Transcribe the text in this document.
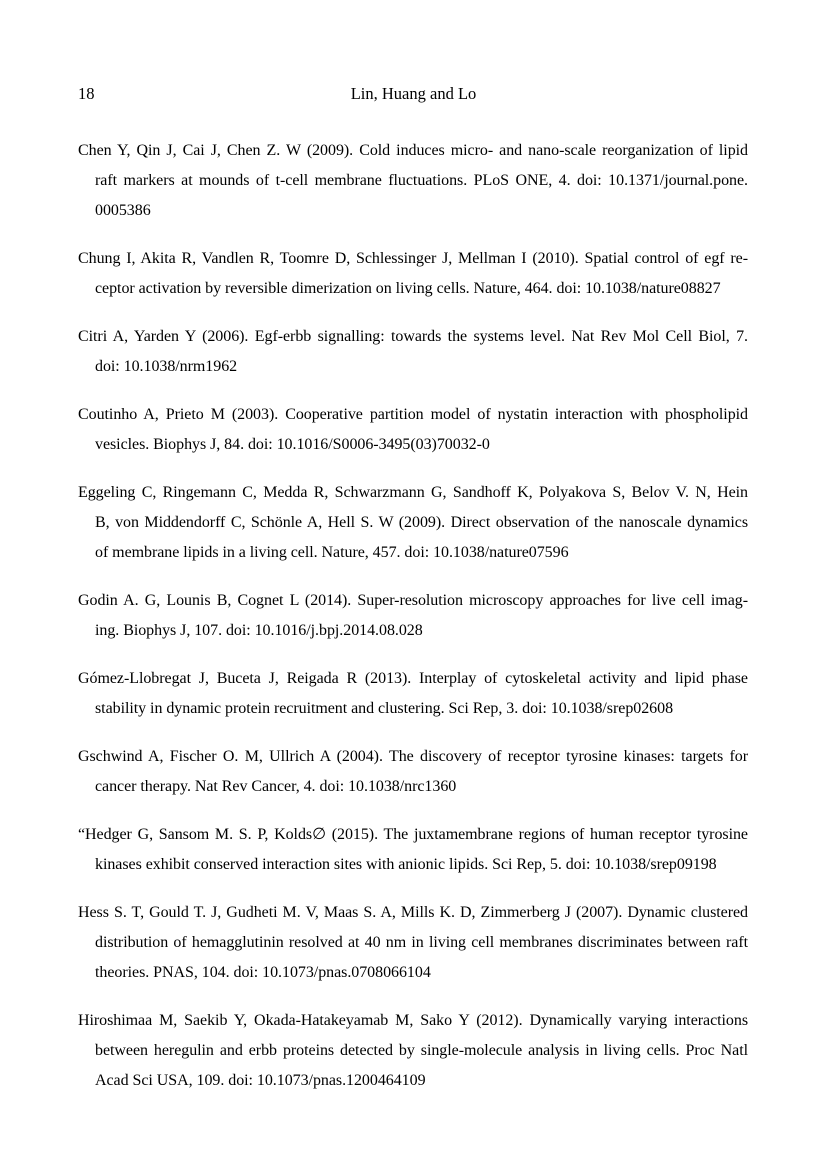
18	Lin, Huang and Lo
Chen Y, Qin J, Cai J, Chen Z. W (2009). Cold induces micro- and nano-scale reorganization of lipid
raft markers at mounds of t-cell membrane fluctuations. PLoS ONE, 4. doi: 10.1371/journal.pone.
0005386
Chung I, Akita R, Vandlen R, Toomre D, Schlessinger J, Mellman I (2010). Spatial control of egf re-
ceptor activation by reversible dimerization on living cells. Nature, 464. doi: 10.1038/nature08827
Citri A, Yarden Y (2006). Egf-erbb signalling: towards the systems level. Nat Rev Mol Cell Biol, 7.
doi: 10.1038/nrm1962
Coutinho A, Prieto M (2003). Cooperative partition model of nystatin interaction with phospholipid
vesicles. Biophys J, 84. doi: 10.1016/S0006-3495(03)70032-0
Eggeling C, Ringemann C, Medda R, Schwarzmann G, Sandhoff K, Polyakova S, Belov V. N, Hein
B, von Middendorff C, Schönle A, Hell S. W (2009). Direct observation of the nanoscale dynamics
of membrane lipids in a living cell. Nature, 457. doi: 10.1038/nature07596
Godin A. G, Lounis B, Cognet L (2014). Super-resolution microscopy approaches for live cell imag-
ing. Biophys J, 107. doi: 10.1016/j.bpj.2014.08.028
Gómez-Llobregat J, Buceta J, Reigada R (2013). Interplay of cytoskeletal activity and lipid phase
stability in dynamic protein recruitment and clustering. Sci Rep, 3. doi: 10.1038/srep02608
Gschwind A, Fischer O. M, Ullrich A (2004). The discovery of receptor tyrosine kinases: targets for
cancer therapy. Nat Rev Cancer, 4. doi: 10.1038/nrc1360
“Hedger G, Sansom M. S. P, Kolds∅ (2015). The juxtamembrane regions of human receptor tyrosine
kinases exhibit conserved interaction sites with anionic lipids. Sci Rep, 5. doi: 10.1038/srep09198
Hess S. T, Gould T. J, Gudheti M. V, Maas S. A, Mills K. D, Zimmerberg J (2007). Dynamic clustered
distribution of hemagglutinin resolved at 40 nm in living cell membranes discriminates between raft
theories. PNAS, 104. doi: 10.1073/pnas.0708066104
Hiroshimaa M, Saekib Y, Okada-Hatakeyamab M, Sako Y (2012). Dynamically varying interactions
between heregulin and erbb proteins detected by single-molecule analysis in living cells. Proc Natl
Acad Sci USA, 109. doi: 10.1073/pnas.1200464109
